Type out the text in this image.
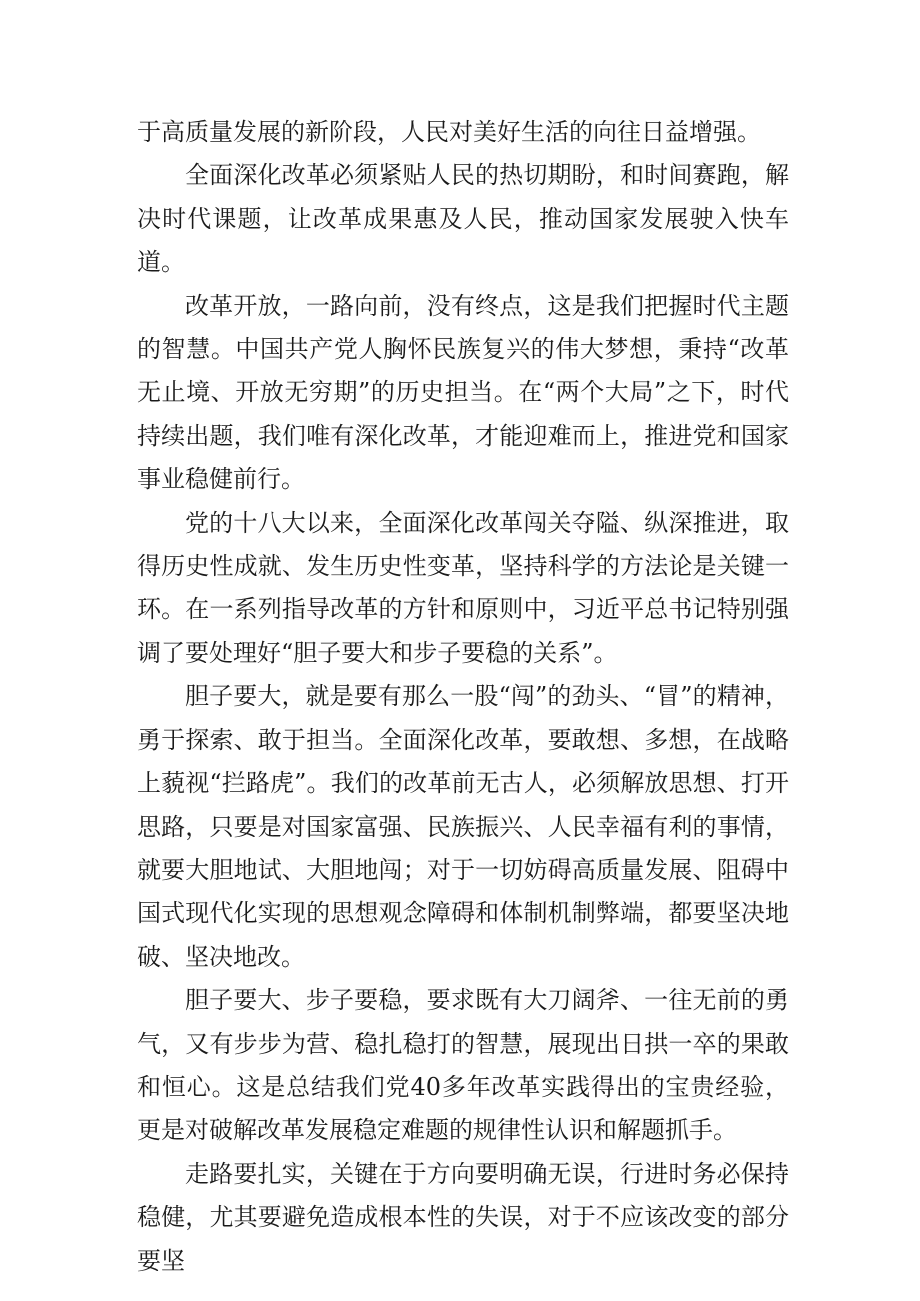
于高质量发展的新阶段，人民对美好生活的向往日益增强。

全面深化改革必须紧贴人民的热切期盼，和时间赛跑，解决时代课题，让改革成果惠及人民，推动国家发展驶入快车道。

改革开放，一路向前，没有终点，这是我们把握时代主题的智慧。中国共产党人胸怀民族复兴的伟大梦想，秉持“改革无止境、开放无穷期”的历史担当。在“两个大局”之下，时代持续出题，我们唯有深化改革，才能迎难而上，推进党和国家事业稳健前行。

党的十八大以来，全面深化改革闯关夺隘、纵深推进，取得历史性成就、发生历史性变革，坚持科学的方法论是关键一环。在一系列指导改革的方针和原则中，习近平总书记特别强调了要处理好“胆子要大和步子要稳的关系”。

胆子要大，就是要有那么一股“闯”的劲头、“冒”的精神，勇于探索、敢于担当。全面深化改革，要敢想、多想，在战略上藐视“拦路虎”。我们的改革前无古人，必须解放思想、打开思路，只要是对国家富强、民族振兴、人民幸福有利的事情，就要大胆地试、大胆地闯；对于一切妨碍高质量发展、阻碍中国式现代化实现的思想观念障碍和体制机制弊端，都要坚决地破、坚决地改。

胆子要大、步子要稳，要求既有大刀阔斧、一往无前的勇气，又有步步为营、稳扎稳打的智慧，展现出日拱一卒的果敢和恒心。这是总结我们党40多年改革实践得出的宝贵经验，更是对破解改革发展稳定难题的规律性认识和解题抓手。

走路要扎实，关键在于方向要明确无误，行进时务必保持稳健，尤其要避免造成根本性的失误，对于不应该改变的部分要坚
